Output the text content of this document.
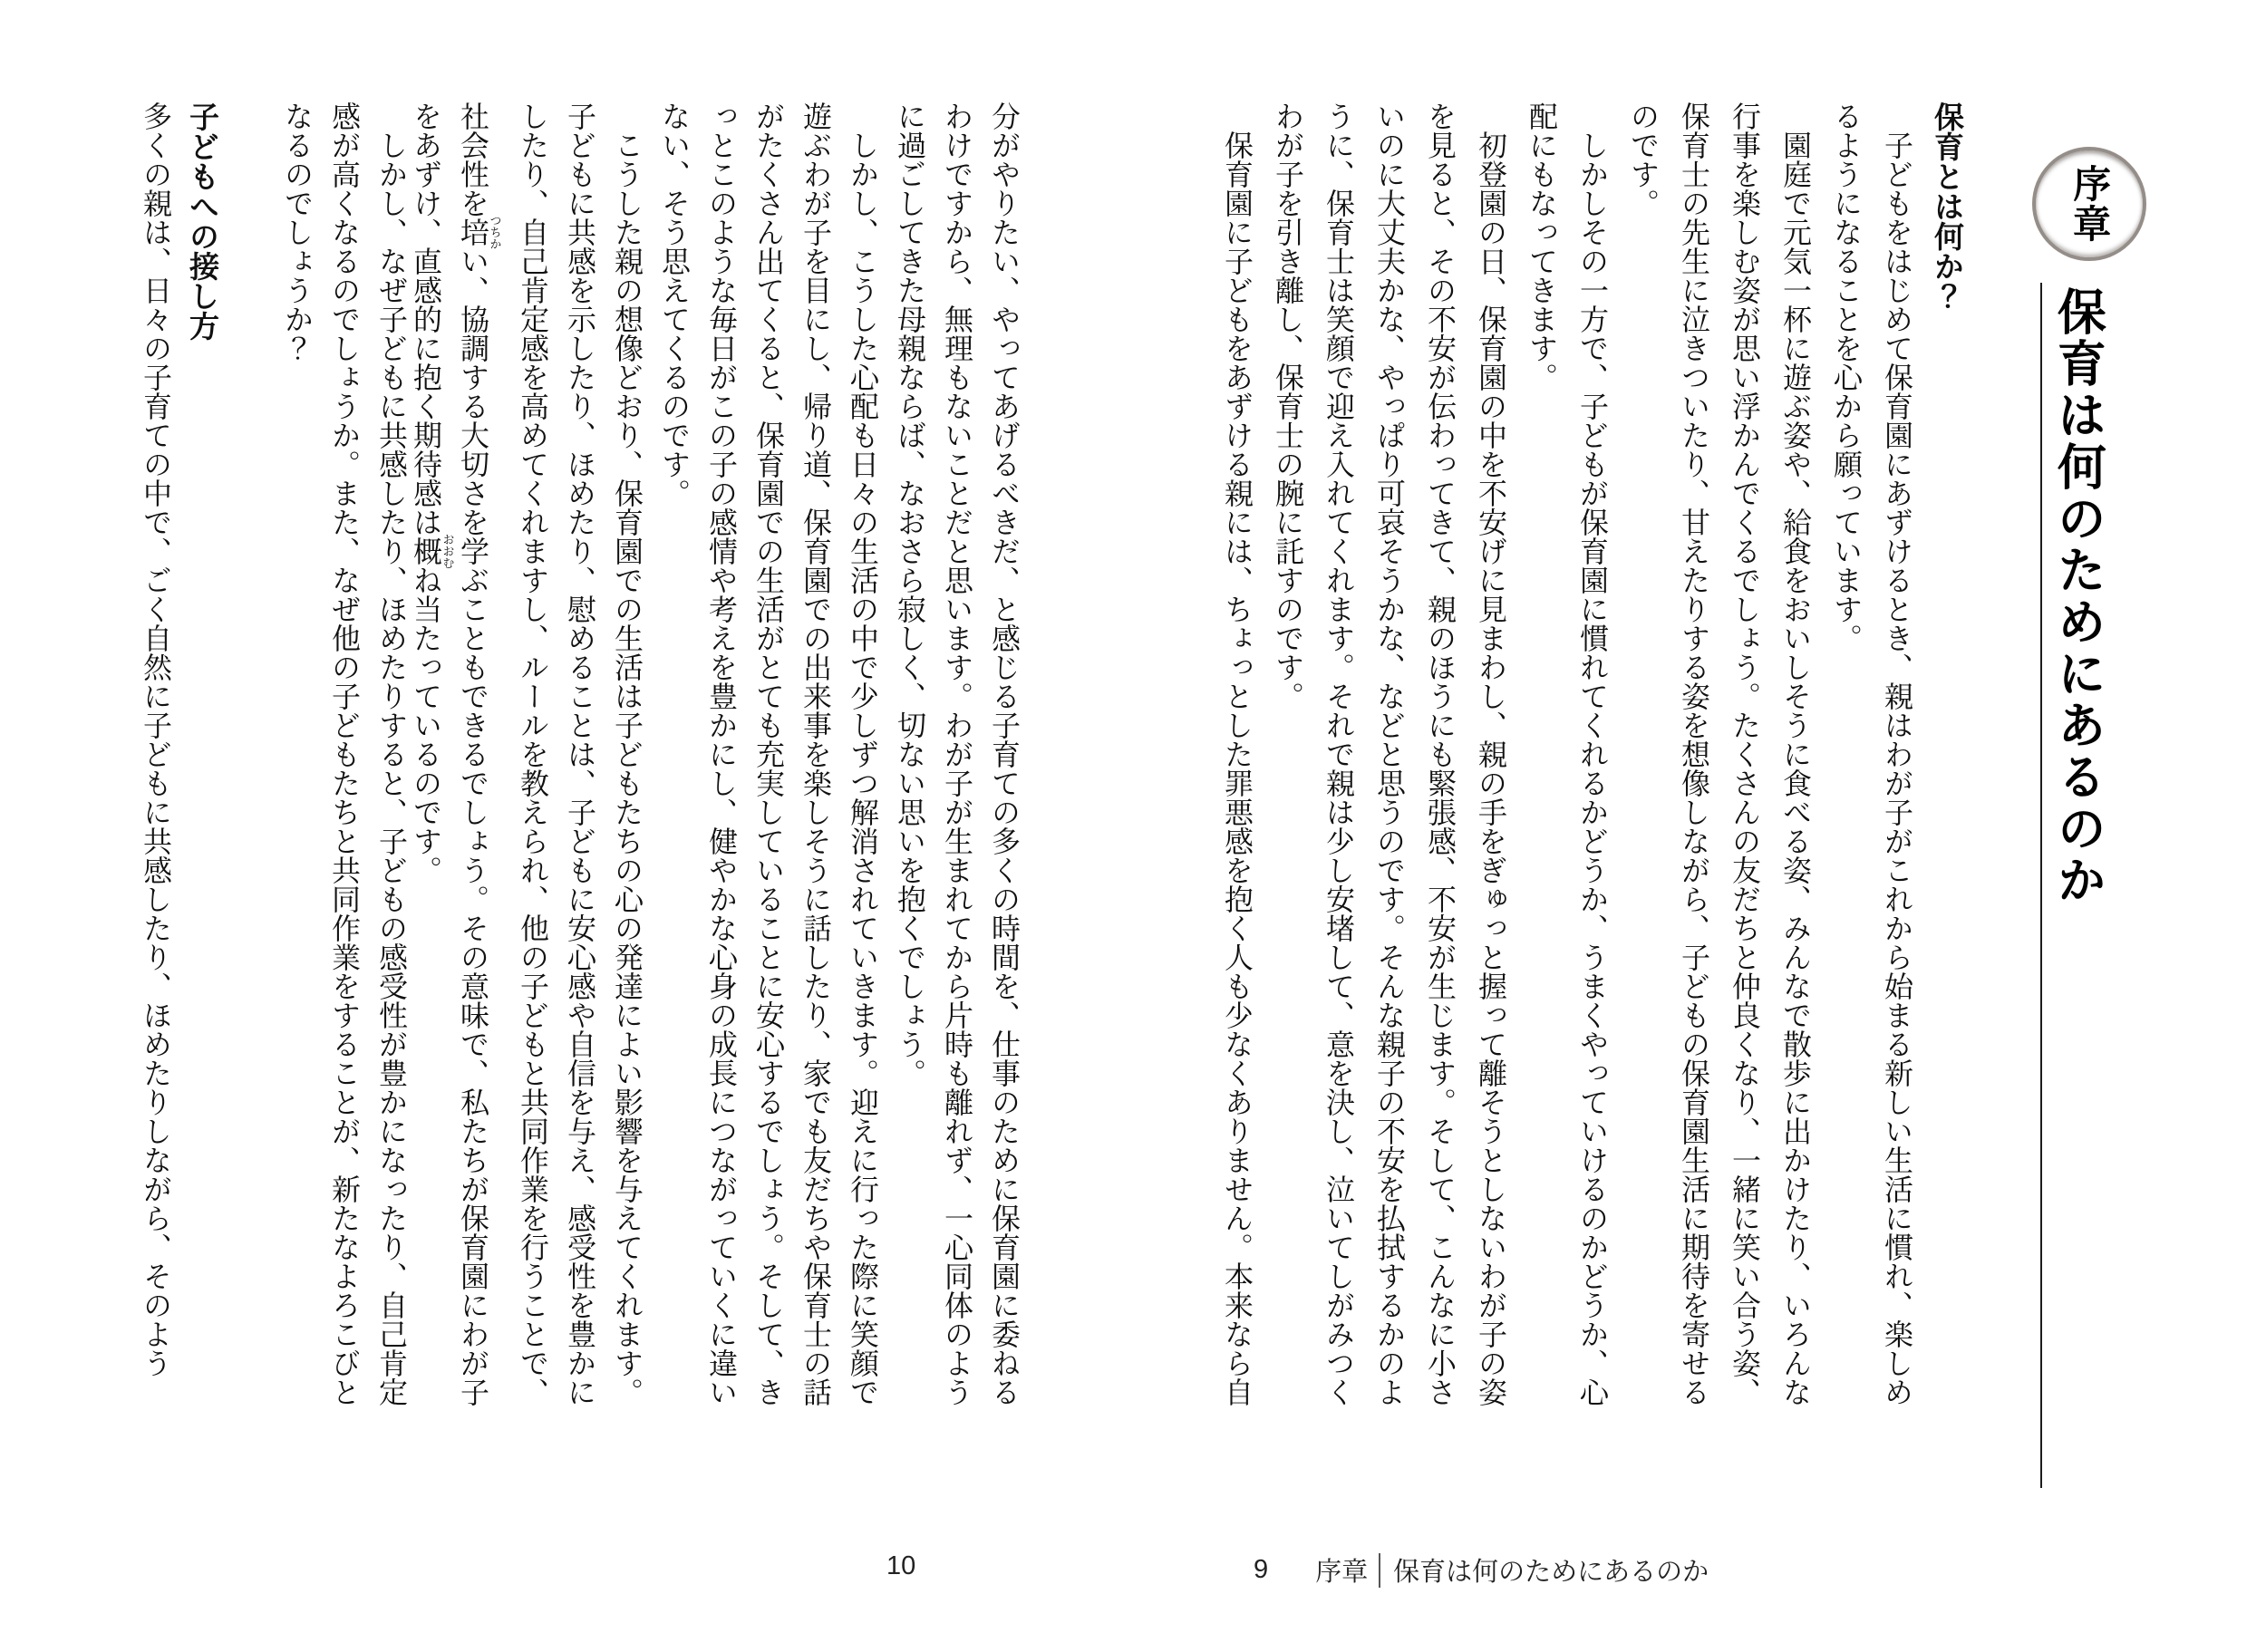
序章
保育は何のためにあるのか
保育とは何か？
　子どもをはじめて保育園にあずけるとき、親はわが子がこれから始まる新しい生活に慣れ、楽しめ
るようになることを心から願っています。
　園庭で元気一杯に遊ぶ姿や、給食をおいしそうに食べる姿、みんなで散歩に出かけたり、いろんな
行事を楽しむ姿が思い浮かんでくるでしょう。たくさんの友だちと仲良くなり、一緒に笑い合う姿、
保育士の先生に泣きついたり、甘えたりする姿を想像しながら、子どもの保育園生活に期待を寄せる
のです。
　しかしその一方で、子どもが保育園に慣れてくれるかどうか、うまくやっていけるのかどうか、心
配にもなってきます。
　初登園の日、保育園の中を不安げに見まわし、親の手をぎゅっと握って離そうとしないわが子の姿
を見ると、その不安が伝わってきて、親のほうにも緊張感、不安が生じます。そして、こんなに小さ
いのに大丈夫かな、やっぱり可哀そうかな、などと思うのです。そんな親子の不安を払拭するかのよ
うに、保育士は笑顔で迎え入れてくれます。それで親は少し安堵して、意を決し、泣いてしがみつく
わが子を引き離し、保育士の腕に託すのです。
　保育園に子どもをあずける親には、ちょっとした罪悪感を抱く人も少なくありません。本来なら自
分がやりたい、やってあげるべきだ、と感じる子育ての多くの時間を、仕事のために保育園に委ねる
わけですから、無理もないことだと思います。わが子が生まれてから片時も離れず、一心同体のよう
に過ごしてきた母親ならば、なおさら寂しく、切ない思いを抱くでしょう。
　しかし、こうした心配も日々の生活の中で少しずつ解消されていきます。迎えに行った際に笑顔で
遊ぶわが子を目にし、帰り道、保育園での出来事を楽しそうに話したり、家でも友だちや保育士の話
がたくさん出てくると、保育園での生活がとても充実していることに安心するでしょう。そして、き
っとこのような毎日がこの子の感情や考えを豊かにし、健やかな心身の成長につながっていくに違い
ない、そう思えてくるのです。
　こうした親の想像どおり、保育園での生活は子どもたちの心の発達によい影響を与えてくれます。
子どもに共感を示したり、ほめたり、慰めることは、子どもに安心感や自信を与え、感受性を豊かに
したり、自己肯定感を高めてくれますし、ルールを教えられ、他の子どもと共同作業を行うことで、
社会性を培つちかい、協調する大切さを学ぶこともできるでしょう。その意味で、私たちが保育園にわが子
をあずけ、直感的に抱く期待感は概おおむね当たっているのです。
　しかし、なぜ子どもに共感したり、ほめたりすると、子どもの感受性が豊かになったり、自己肯定
感が高くなるのでしょうか。また、なぜ他の子どもたちと共同作業をすることが、新たなよろこびと
なるのでしょうか？
子どもへの接し方
多くの親は、日々の子育ての中で、ごく自然に子どもに共感したり、ほめたりしながら、そのよう
10	9 序章 保育は何のためにあるのか
